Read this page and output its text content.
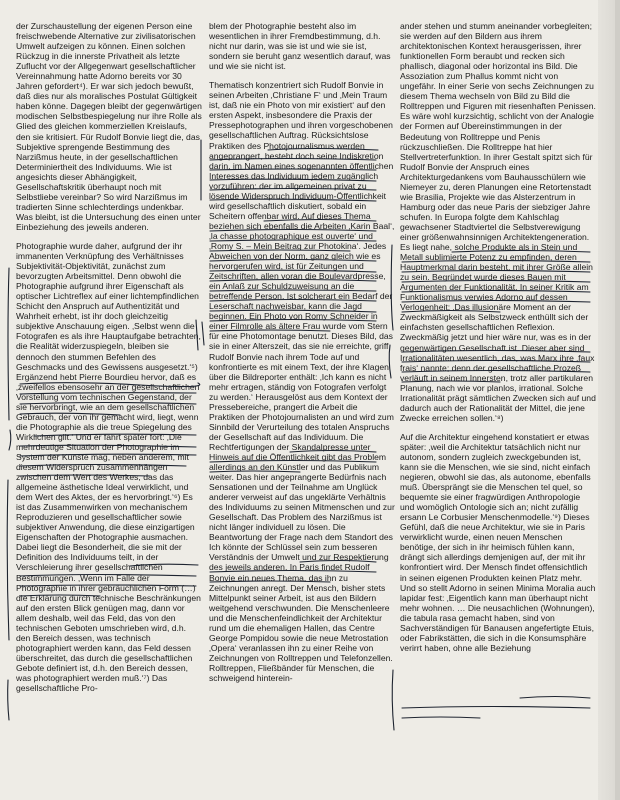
der Zurschaustellung der eigenen Person eine freischwebende Alternative zur zivilisatorischen Umwelt aufzeigen zu können. Einen solchen Rückzug in die innerste Privatheit als letzte Zuflucht vor der Allgegenwart gesellschaftlicher Vereinnahmung hatte Adorno bereits vor 30 Jahren gefordert⁴). Er war sich jedoch bewußt, daß dies nur als moralisches Postulat Gültigkeit haben könne. Dagegen bleibt der gegenwärtigen modischen Selbstbespiegelung nur ihre Rolle als Glied des gleichen kommerziellen Kreislaufs, den sie kritisiert. Für Rudolf Bonvie liegt die, das Subjektive sprengende Bestimmung des Narzißmus heute, in der gesellschaftlichen Determiniertheit des Individuums. Wie ist angesichts dieser Abhängigkeit, Gesellschaftskritik überhaupt noch mit Selbstliebe vereinbar? So wird Narzißmus im tradierten Sinne schlechterdings undenkbar. Was bleibt, ist die Untersuchung des einen unter Einbeziehung des jeweils anderen.

Photographie wurde daher, aufgrund der ihr immanenten Verknüpfung des Verhältnisses Subjektivität-Objektivität, zunächst zum bevorzugten Arbeitsmittel. Denn obwohl die Photographie aufgrund ihrer Eigenschaft als optischer Lichtreflex auf einer lichtempfindlichen Schicht den Anspruch auf Authentizität und Wahrheit erhebt, ist ihr doch gleichzeitig subjektive Anschauung eigen. ‚Selbst wenn die Fotografen es als ihre Hauptaufgabe betrachten, die Realität widerzuspiegeln, bleiben sie dennoch den stummen Befehlen des Geschmacks und des Gewissens ausgesetzt.‘⁵) Ergänzend hebt Pierre Bourdieu hervor, daß es ‚zweifellos ebensosehr an der gesellschaftlichen Vorstellung vom technischen Gegenstand, der sie hervorbringt, wie an dem gesellschaftlichen Gebrauch, der von ihr gemacht wird, liegt, wenn die Photographie als die treue Spiegelung des Wirklichen gilt.‘ Und er fährt später fort: ‚Die mehrdeutige Situation der Photographie im System der Künste mag, neben anderem, mit diesem Widerspruch zusammenhängen zwischen dem Wert des Werkes, das das allgemeine ästhetische Ideal verwirklicht, und dem Wert des Aktes, der es hervorbringt.‘⁶) Es ist das Zusammenwirken von mechanischem Reproduzieren und gesellschaftlicher sowie subjektiver Anwendung, die diese einzigartigen Eigenschaften der Photographie ausmachen. Dabei liegt die Besonderheit, die sie mit der Definition des Individuums teilt, in der Verschleierung ihrer gesellschaftlichen Bestimmungen. ‚Wenn im Falle der Photographie in ihrer gebräuchlichen Form (…) die Erklärung durch technische Beschränkungen auf den ersten Blick genügen mag, dann vor allem deshalb, weil das Feld, das von den technischen Geboten umschrieben wird, d.h. den Bereich dessen, was technisch photographiert werden kann, das Feld dessen überschreitet, das durch die gesellschaftlichen Gebote definiert ist, d.h. den Bereich dessen, was photographiert werden muß.‘⁷) Das gesellschaftliche Pro-

blem der Photographie besteht also im wesentlichen in ihrer Fremdbestimmung, d.h. nicht nur darin, was sie ist und wie sie ist, sondern sie beruht ganz wesentlich darauf, was und wie sie nicht ist.

Thematisch konzentriert sich Rudolf Bonvie in seinen Arbeiten ‚Christiane F‘ und ‚Mein Traum ist, daß nie ein Photo von mir existiert‘ auf den ersten Aspekt, insbesondere die Praxis der Pressephotographen und ihren vorgeschobenen gesellschaftlichen Auftrag. Rücksichtslose Praktiken des Photojournalismus werden angeprangert, besteht doch seine Indiskretion darin, im Namen eines sogenannten öffentlichen Interesses das Individuum jedem zugänglich vorzuführen: der im allgemeinen privat zu lösende Widerspruch Individuum-Öffentlichkeit wird gesellschaftlich diskutiert, sobald ein Scheitern offenbar wird. Auf dieses Thema beziehen sich ebenfalls die Arbeiten ‚Karin Baal‘, ‚la chasse photographique est ouverte‘ und ‚Romy S. – Mein Beitrag zur Photokina‘. Jedes Abweichen von der Norm, ganz gleich wie es hervorgerufen wird, ist für Zeitungen und Zeitschriften, allen voran die Boulevardpresse, ein Anlaß zur Schuldzuweisung an die betreffende Person. Ist solcherart ein Bedarf der Leserschaft nachweisbar, kann die Jagd beginnen. Ein Photo von Romy Schneider in einer Filmrolle als ältere Frau wurde vom Stern für eine Photomontage benutzt. Dieses Bild, das sie in einer Alterszeit, das sie nie erreichte, griff Rudolf Bonvie nach ihrem Tode auf und konfrontierte es mit einem Text, der ihre Klagen über die Bildreporter enthält: ‚Ich kann es nicht mehr ertragen, ständig von Fotografen verfolgt zu werden.‘ Herausgelöst aus dem Kontext der Pressebereiche, prangert die Arbeit die Praktiken der Photojournalisten an und wird zum Sinnbild der Verurteilung des totalen Anspruchs der Gesellschaft auf das Individuum. Die Rechtfertigungen der Skandalpresse unter Hinweis auf die Öffentlichkeit gibt das Problem allerdings an den Künstler und das Publikum weiter. Das hier angeprangerte Bedürfnis nach Sensationen und der Teilnahme am Unglück anderer verweist auf das ungeklärte Verhältnis des Individuums zu seinen Mitmenschen und zur Gesellschaft. Das Problem des Narzißmus ist nicht länger individuell zu lösen. Die Beantwortung der Frage nach dem Standort des Ich könnte der Schlüssel sein zum besseren Verständnis der Umwelt und zur Respektierung des jeweils anderen. In Paris findet Rudolf Bonvie ein neues Thema, das ihn zu Zeichnungen anregt. Der Mensch, bisher stets Mittelpunkt seiner Arbeit, ist aus den Bildern weitgehend verschwunden. Die Menschenleere und die Menschenfeindlichkeit der Architektur rund um die ehemaligen Hallen, das Centre George Pompidou sowie die neue Metrostation ‚Opera‘ veranlassen ihn zu einer Reihe von Zeichnungen von Rolltreppen und Telefonzellen. Rolltreppen, Fließbänder für Menschen, die schweigend hinterein-

ander stehen und stumm aneinander vorbegleiten; sie werden auf den Bildern aus ihrem architektonischen Kontext herausgerissen, ihrer funktionellen Form beraubt und recken sich phallisch, diagonal oder horizontal ins Bild. Die Assoziation zum Phallus kommt nicht von ungefähr. In einer Serie von sechs Zeichnungen zu diesem Thema wechseln von Bild zu Bild die Rolltreppen und Figuren mit riesenhaften Penissen. Es wäre wohl kurzsichtig, schlicht von der Analogie der Formen auf Übereinstimmungen in der Bedeutung von Rolltreppe und Penis rückzuschließen. Die Rolltreppe hat hier Stellvertreterfunktion. In ihrer Gestalt spitzt sich für Rudolf Bonvie der Anspruch eines Architekturgedankens vom Bauhausschülern wie Niemeyer zu, deren Planungen eine Retortenstadt wie Brasilia, Projekte wie das Alsterzentrum in Hamburg oder das neue Paris der siebziger Jahre schufen. In Europa folgte dem Kahlschlag gewachsener Stadtviertel die Selbstverewigung einer größenwahnsinnigen Architektengeneration. Es liegt nahe, solche Produkte als in Stein und Metall sublimierte Potenz zu empfinden, deren Hauptmerkmal darin besteht, mit ihrer Größe allein zu sein. Begründet wurde dieses Bauen mit Argumenten der Funktionalität. In seiner Kritik am Funktionalismus verwies Adorno auf dessen Verlogenheit: ‚Das illusionäre Moment an der Zweckmäßigkeit als Selbstzweck enthüllt sich der einfachsten gesellschaftlichen Reflexion. Zweckmäßig jetzt und hier wäre nur, was es in der gegenwärtigen Gesellschaft ist. Dieser aber sind Irrationalitäten wesentlich, das, was Marx ihre ‚faux frais‘ nannte; denn der gesellschaftliche Prozeß verläuft in seinem Innersten, trotz aller partikularen Planung, nach wie vor planlos, irrational. Solche Irrationalität prägt sämtlichen Zwecken sich auf und dadurch auch der Rationalität der Mittel, die jene Zwecke erreichen sollen.‘⁸)

Auf die Architektur eingehend konstatiert er etwas später: ‚weil die Architektur tatsächlich nicht nur autonom, sondern zugleich zweckgebunden ist, kann sie die Menschen, wie sie sind, nicht einfach negieren, obwohl sie das, als autonome, ebenfalls muß. Übersprängt sie die Menschen tel quel, so bequemte sie einer fragwürdigen Anthropologie und womöglich Ontologie sich an; nicht zufällig ersann Le Corbusier Menschenmodelle.‘⁹) Dieses Gefühl, daß die neue Architektur, wie sie in Paris verwirklicht wurde, einen neuen Menschen benötige, der sich in ihr heimisch fühlen kann, drängt sich allerdings demjenigen auf, der mit ihr konfrontiert wird. Der Mensch findet offensichtlich in seinen eigenen Produkten keinen Platz mehr. Und so stellt Adorno in seinen Minima Moralia auch lapidar fest: ‚Eigentlich kann man überhaupt nicht mehr wohnen. … Die neusachlichen (Wohnungen), die tabula rasa gemacht haben, sind von Sachverständigen für Banausen angefertigte Etuis, oder Fabrikstätten, die sich in die Konsumsphäre verirrt haben, ohne alle Beziehung
